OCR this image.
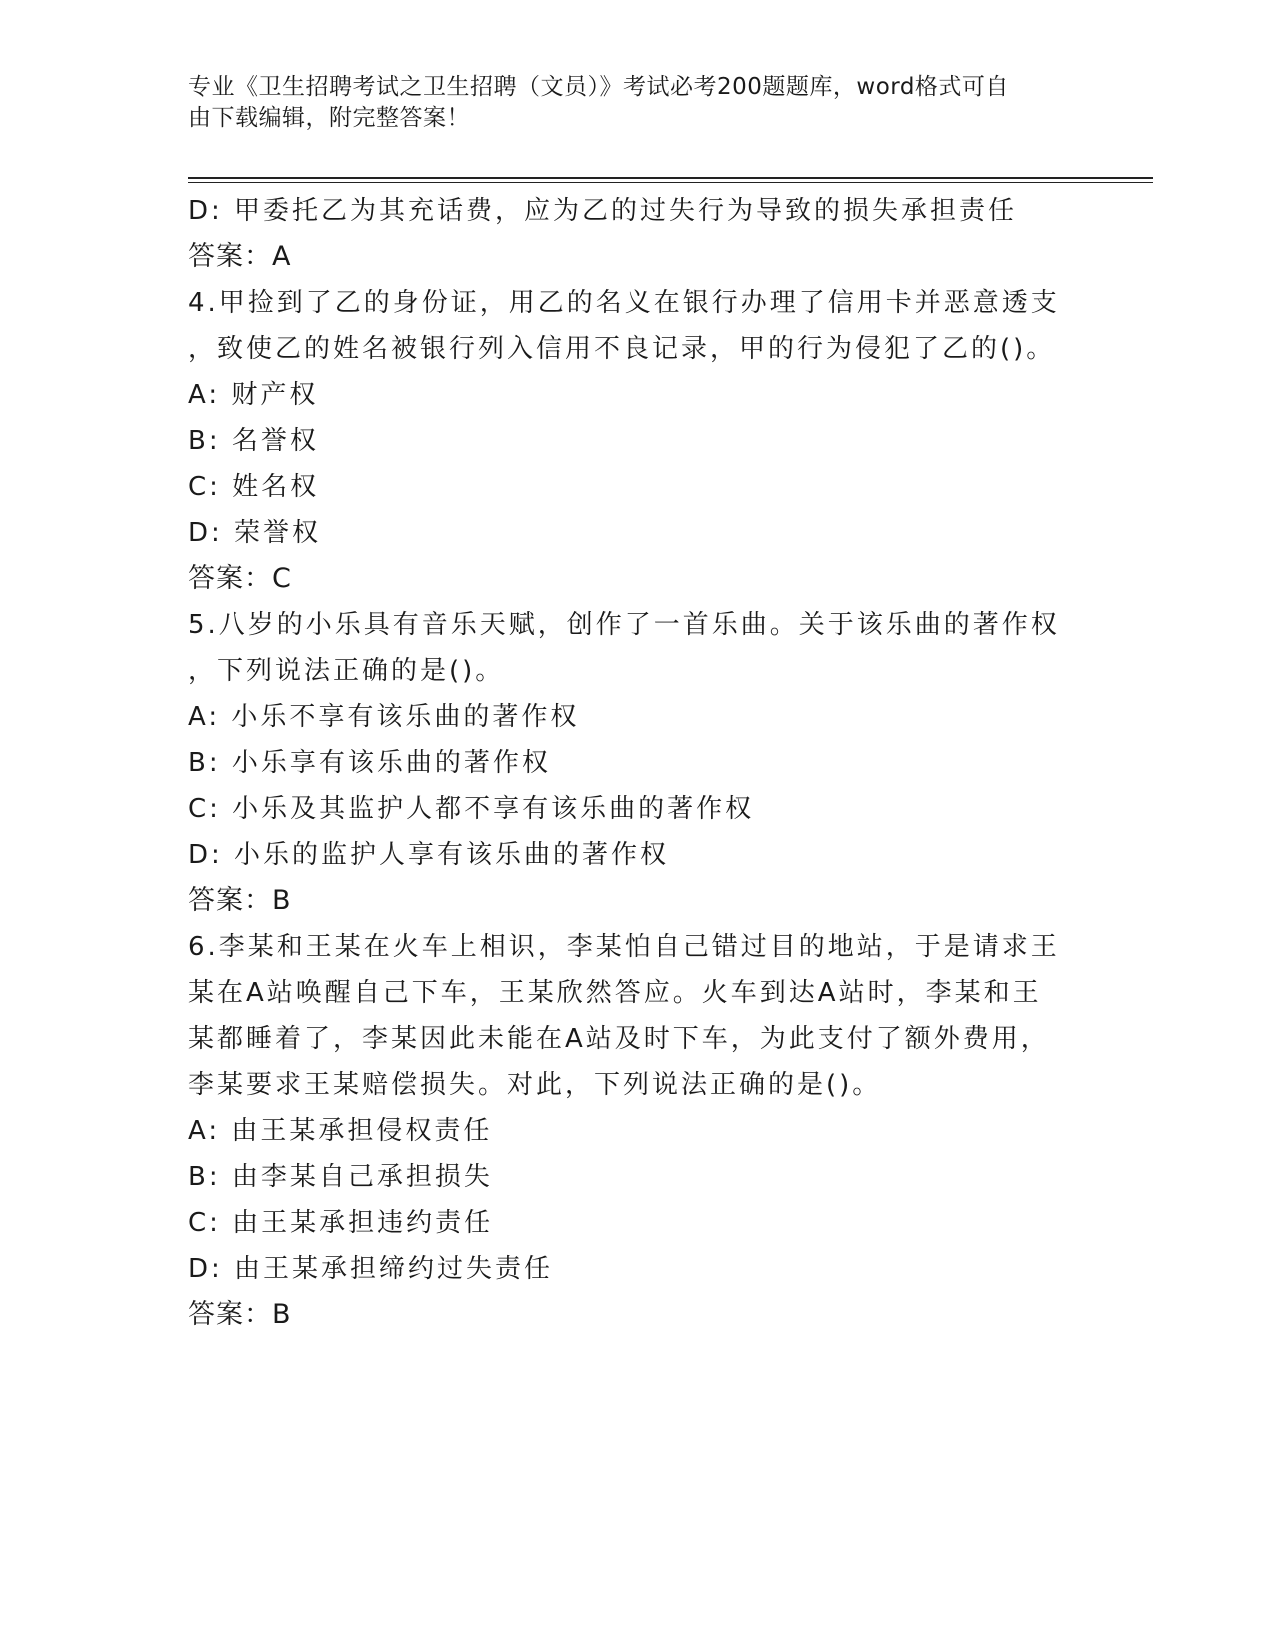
专业《卫生招聘考试之卫生招聘（文员）》考试必考200题题库，word格式可自
由下载编辑，附完整答案！
D: 甲委托乙为其充话费，应为乙的过失行为导致的损失承担责任
答案：A
4.甲捡到了乙的身份证，用乙的名义在银行办理了信用卡并恶意透支
，致使乙的姓名被银行列入信用不良记录，甲的行为侵犯了乙的()。
A: 财产权
B: 名誉权
C: 姓名权
D: 荣誉权
答案：C
5.八岁的小乐具有音乐天赋，创作了一首乐曲。关于该乐曲的著作权
，下列说法正确的是()。
A: 小乐不享有该乐曲的著作权
B: 小乐享有该乐曲的著作权
C: 小乐及其监护人都不享有该乐曲的著作权
D: 小乐的监护人享有该乐曲的著作权
答案：B
6.李某和王某在火车上相识，李某怕自己错过目的地站，于是请求王
某在A站唤醒自己下车，王某欣然答应。火车到达A站时，李某和王
某都睡着了，李某因此未能在A站及时下车，为此支付了额外费用，
李某要求王某赔偿损失。对此，下列说法正确的是()。
A: 由王某承担侵权责任
B: 由李某自己承担损失
C: 由王某承担违约责任
D: 由王某承担缔约过失责任
答案：B
